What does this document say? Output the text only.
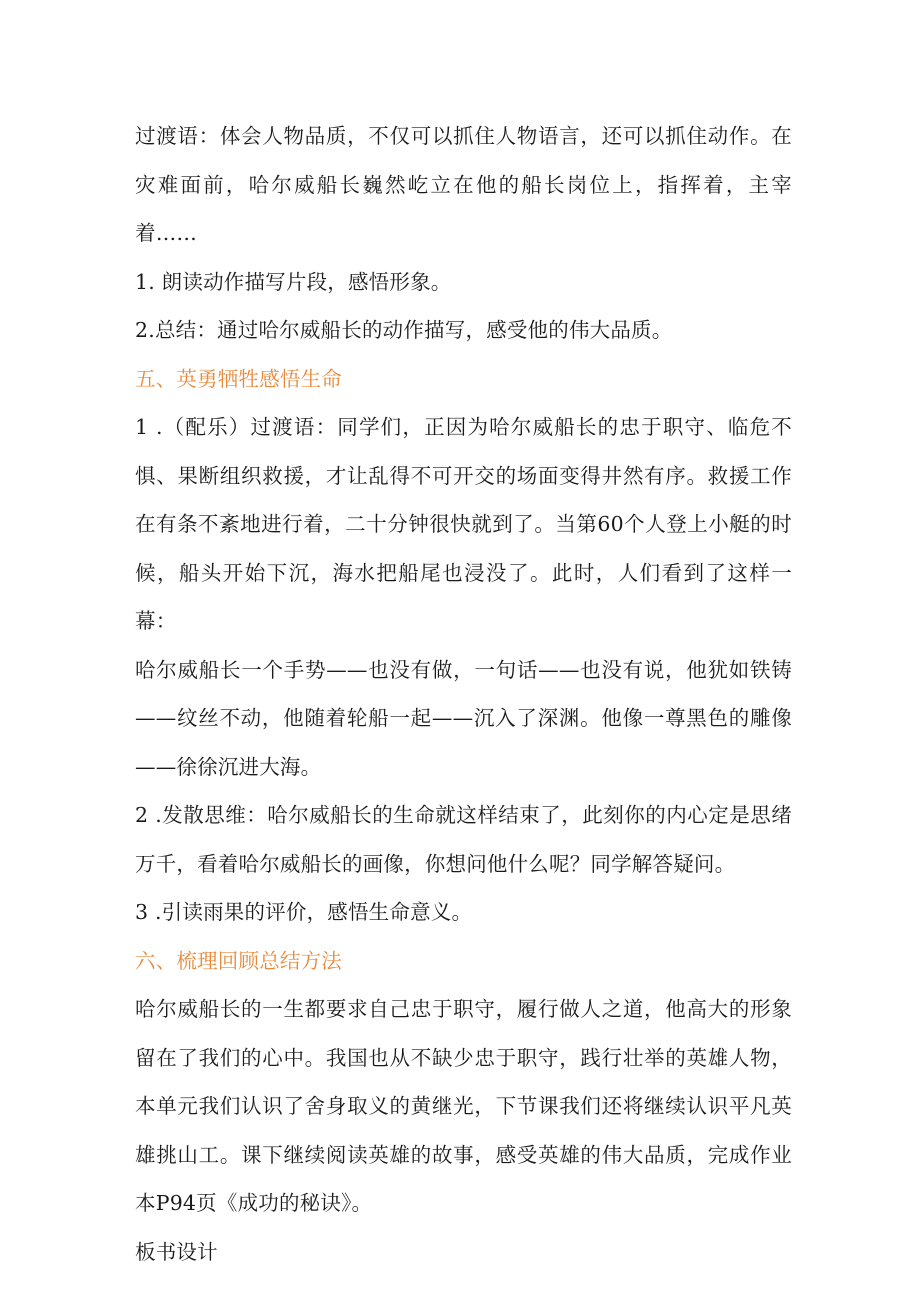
过渡语：体会人物品质，不仅可以抓住人物语言，还可以抓住动作。在灾难面前，哈尔威船长巍然屹立在他的船长岗位上，指挥着，主宰着……

1. 朗读动作描写片段，感悟形象。

2.总结：通过哈尔威船长的动作描写，感受他的伟大品质。

五、英勇牺牲感悟生命

1 .（配乐）过渡语：同学们，正因为哈尔威船长的忠于职守、临危不惧、果断组织救援，才让乱得不可开交的场面变得井然有序。救援工作在有条不紊地进行着，二十分钟很快就到了。当第60个人登上小艇的时候，船头开始下沉，海水把船尾也浸没了。此时，人们看到了这样一幕：

哈尔威船长一个手势——也没有做，一句话——也没有说，他犹如铁铸——纹丝不动，他随着轮船一起——沉入了深渊。他像一尊黑色的雕像——徐徐沉进大海。

2 .发散思维：哈尔威船长的生命就这样结束了，此刻你的内心定是思绪万千，看着哈尔威船长的画像，你想问他什么呢？同学解答疑问。

3 .引读雨果的评价，感悟生命意义。

六、梳理回顾总结方法

哈尔威船长的一生都要求自己忠于职守，履行做人之道，他高大的形象留在了我们的心中。我国也从不缺少忠于职守，践行壮举的英雄人物，本单元我们认识了舍身取义的黄继光，下节课我们还将继续认识平凡英雄挑山工。课下继续阅读英雄的故事，感受英雄的伟大品质，完成作业本P94页《成功的秘诀》。

板书设计
